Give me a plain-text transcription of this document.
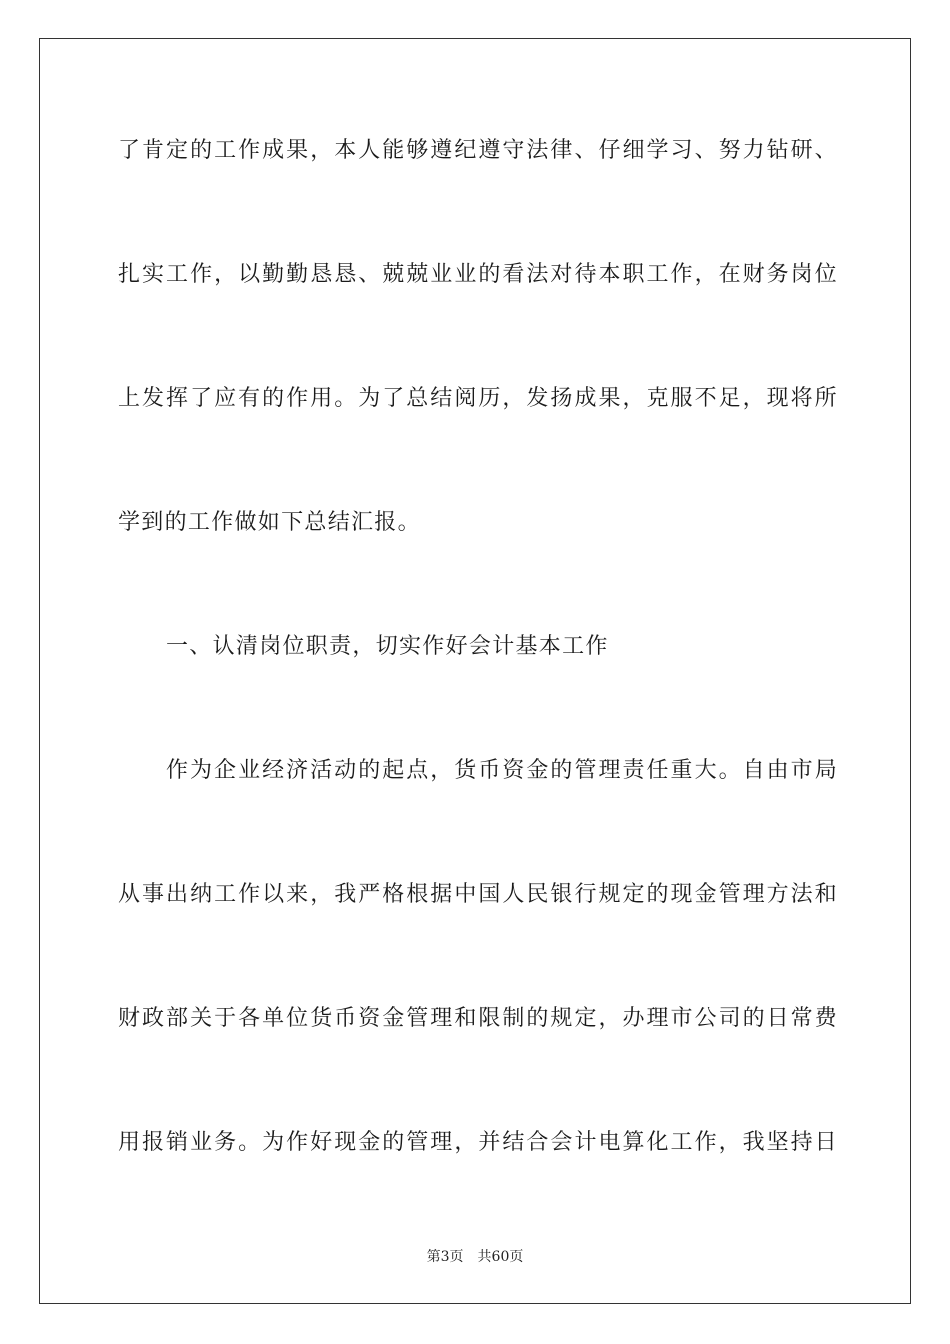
了肯定的工作成果，本人能够遵纪遵守法律、仔细学习、努力钻研、
扎实工作，以勤勤恳恳、兢兢业业的看法对待本职工作，在财务岗位
上发挥了应有的作用。为了总结阅历，发扬成果，克服不足，现将所
学到的工作做如下总结汇报。
一、认清岗位职责，切实作好会计基本工作
作为企业经济活动的起点，货币资金的管理责任重大。自由市局
从事出纳工作以来，我严格根据中国人民银行规定的现金管理方法和
财政部关于各单位货币资金管理和限制的规定，办理市公司的日常费
用报销业务。为作好现金的管理，并结合会计电算化工作，我坚持日
第3页 共60页
